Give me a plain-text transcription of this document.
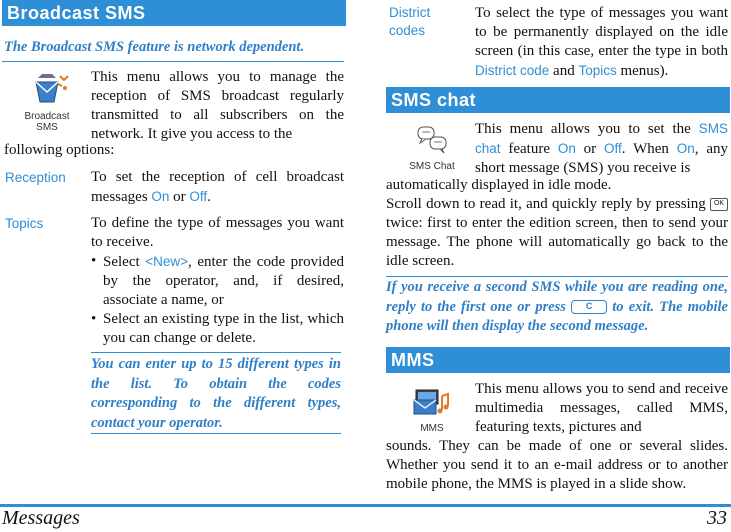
Broadcast SMS
The Broadcast SMS feature is network dependent.
Broadcast SMS
This menu allows you to manage the reception of SMS broadcast regularly transmitted to all subscribers on the network. It give you access to the
following options:
Reception To set the reception of cell broadcast messages On or Off.
Topics	To define the type of messages you want to receive.
• Select <New>, enter the code provided by the operator, and, if desired, associate a name, or
• Select an existing type in the list, which you can change or delete.
You can enter up to 15 different types in the list. To obtain the codes corresponding to the different types, contact your operator.
District codes
To select the type of messages you want to be permanently displayed on the idle screen (in this case, enter the type in both District code and Topics menus).
SMS chat
SMS Chat
This menu allows you to set the SMS chat feature On or Off. When On, any short message (SMS) you receive is
automatically displayed in idle mode.
Scroll down to read it, and quickly reply by pressing OK twice: first to enter the edition screen, then to send your message. The phone will automatically go back to the idle screen.
If you receive a second SMS while you are reading one, reply to the first one or press C to exit. The mobile phone will then display the second message.
MMS
MMS
This menu allows you to send and receive multimedia messages, called MMS, featuring texts, pictures and
sounds. They can be made of one or several slides. Whether you send it to an e-mail address or to another mobile phone, the MMS is played in a slide show.
Messages	33
